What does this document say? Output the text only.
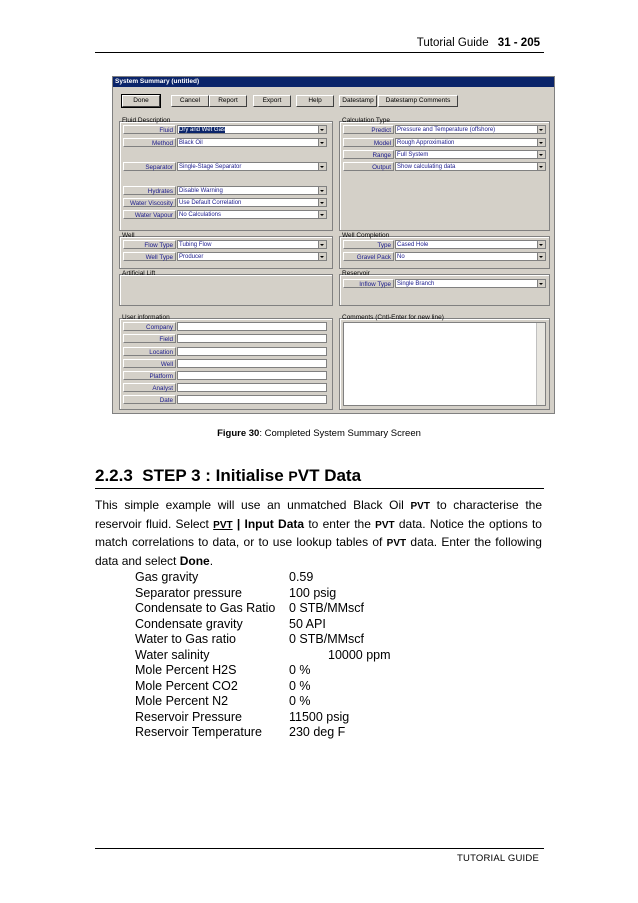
Tutorial Guide 31 - 205
System Summary (untitled)
Done	Cancel	Report	Export	Help	Datestamp	Datestamp Comments
Fluid Description
Fluid	Dry and Wet Gas
Method	Black Oil
Separator	Single-Stage Separator
Hydrates	Disable Warning
Water Viscosity	Use Default Correlation
Water Vapour	No Calculations
Calculation Type
Predict	Pressure and Temperature (offshore)
Model	Rough Approximation
Range	Full System
Output	Show calculating data
Well
Flow Type	Tubing Flow
Well Type	Producer
Well Completion
Type	Cased Hole
Gravel Pack	No
Artificial Lift	Reservoir
Inflow Type	Single Branch
User information
Company
Field
Location
Well
Platform
Analyst
Date
Comments (Cntl-Enter for new line)
Figure 30: Completed System Summary Screen
2.2.3 STEP 3 : Initialise PVT Data
This simple example will use an unmatched Black Oil PVT to characterise the reservoir fluid. Select PVT | Input Data to enter the PVT data. Notice the options to match correlations to data, or to use lookup tables of PVT data. Enter the following data and select Done.
Gas gravity	0.59
Separator pressure	100 psig
Condensate to Gas Ratio 0 STB/MMscf
Condensate gravity	50 API
Water to Gas ratio	0 STB/MMscf
Water salinity	10000 ppm
Mole Percent H2S	0 %
Mole Percent CO2	0 %
Mole Percent N2	0 %
Reservoir Pressure	11500 psig
Reservoir Temperature 230 deg F
TUTORIAL GUIDE
